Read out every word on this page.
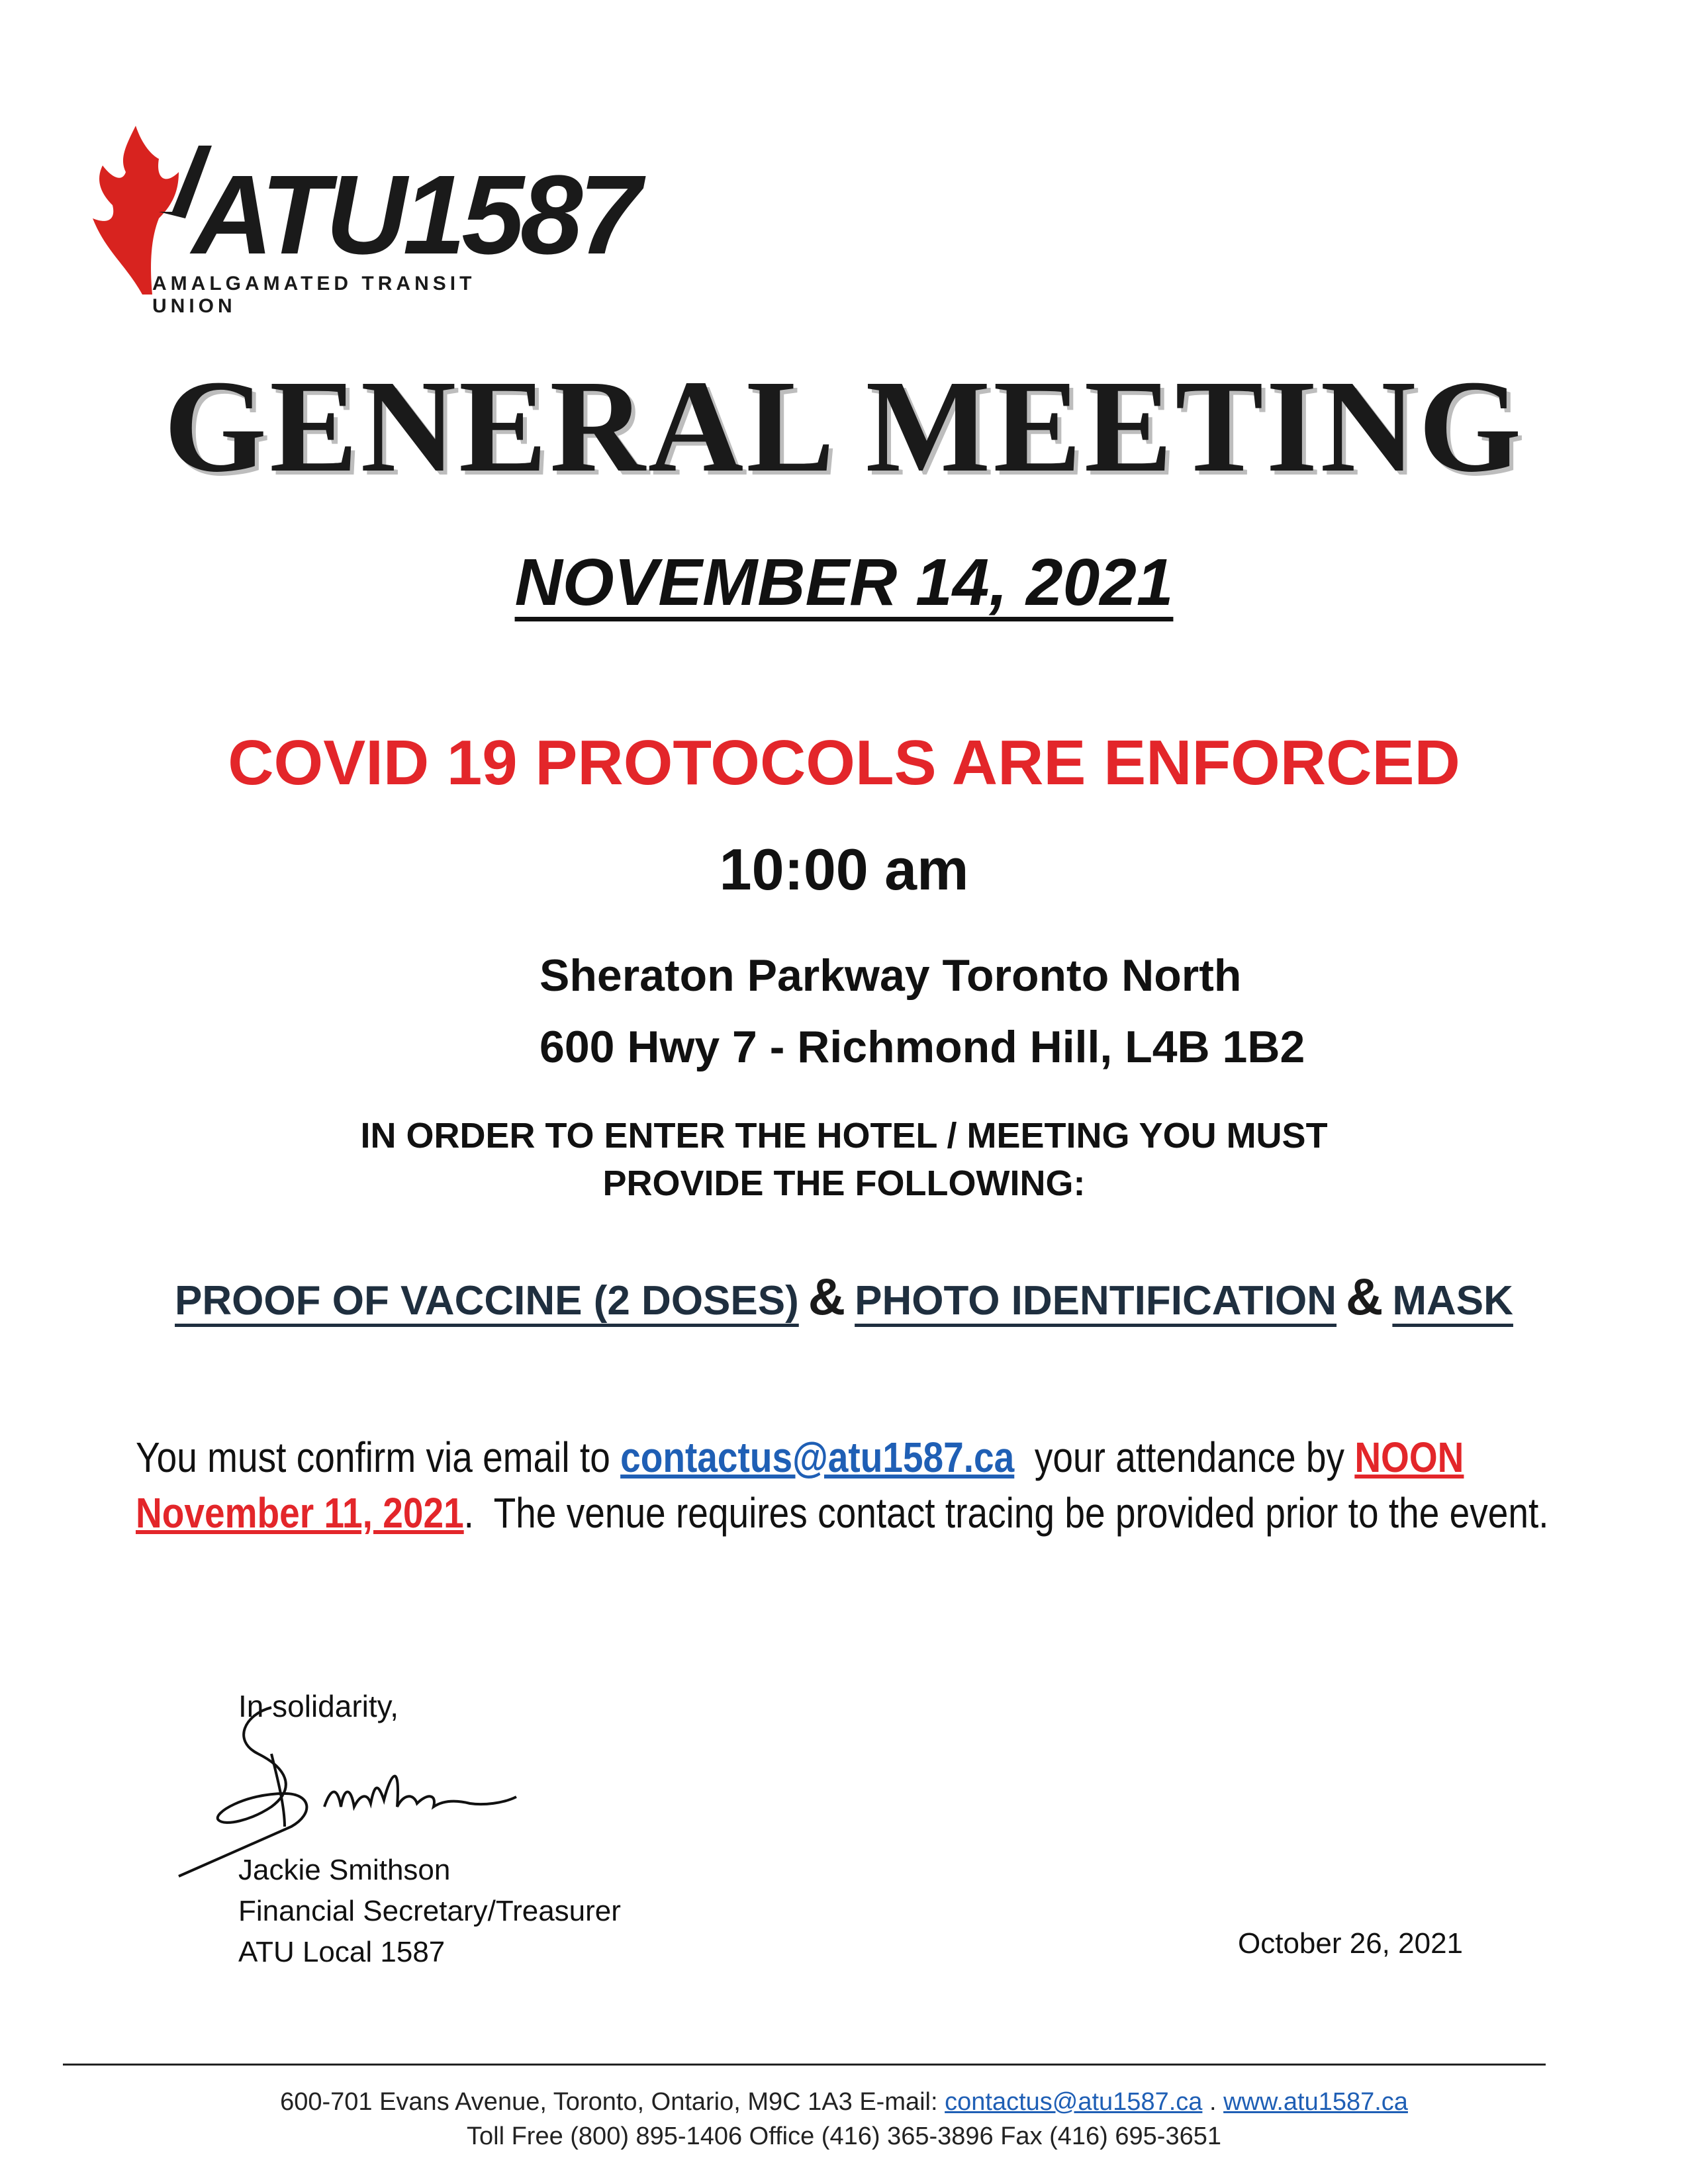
ATU1587
AMALGAMATED TRANSIT UNION
GENERAL MEETING
NOVEMBER 14, 2021
COVID 19 PROTOCOLS ARE ENFORCED
10:00 am
Sheraton Parkway Toronto North
600 Hwy 7 - Richmond Hill, L4B 1B2
IN ORDER TO ENTER THE HOTEL / MEETING YOU MUST
PROVIDE THE FOLLOWING:
PROOF OF VACCINE (2 DOSES) & PHOTO IDENTIFICATION & MASK
You must confirm via email to contactus@atu1587.ca  your attendance by NOON
November 11, 2021.  The venue requires contact tracing be provided prior to the event.
In solidarity,
Jackie Smithson
Financial Secretary/Treasurer
ATU Local 1587	October 26, 2021
600-701 Evans Avenue, Toronto, Ontario, M9C 1A3 E-mail: contactus@atu1587.ca . www.atu1587.ca
Toll Free (800) 895-1406 Office (416) 365-3896 Fax (416) 695-3651
